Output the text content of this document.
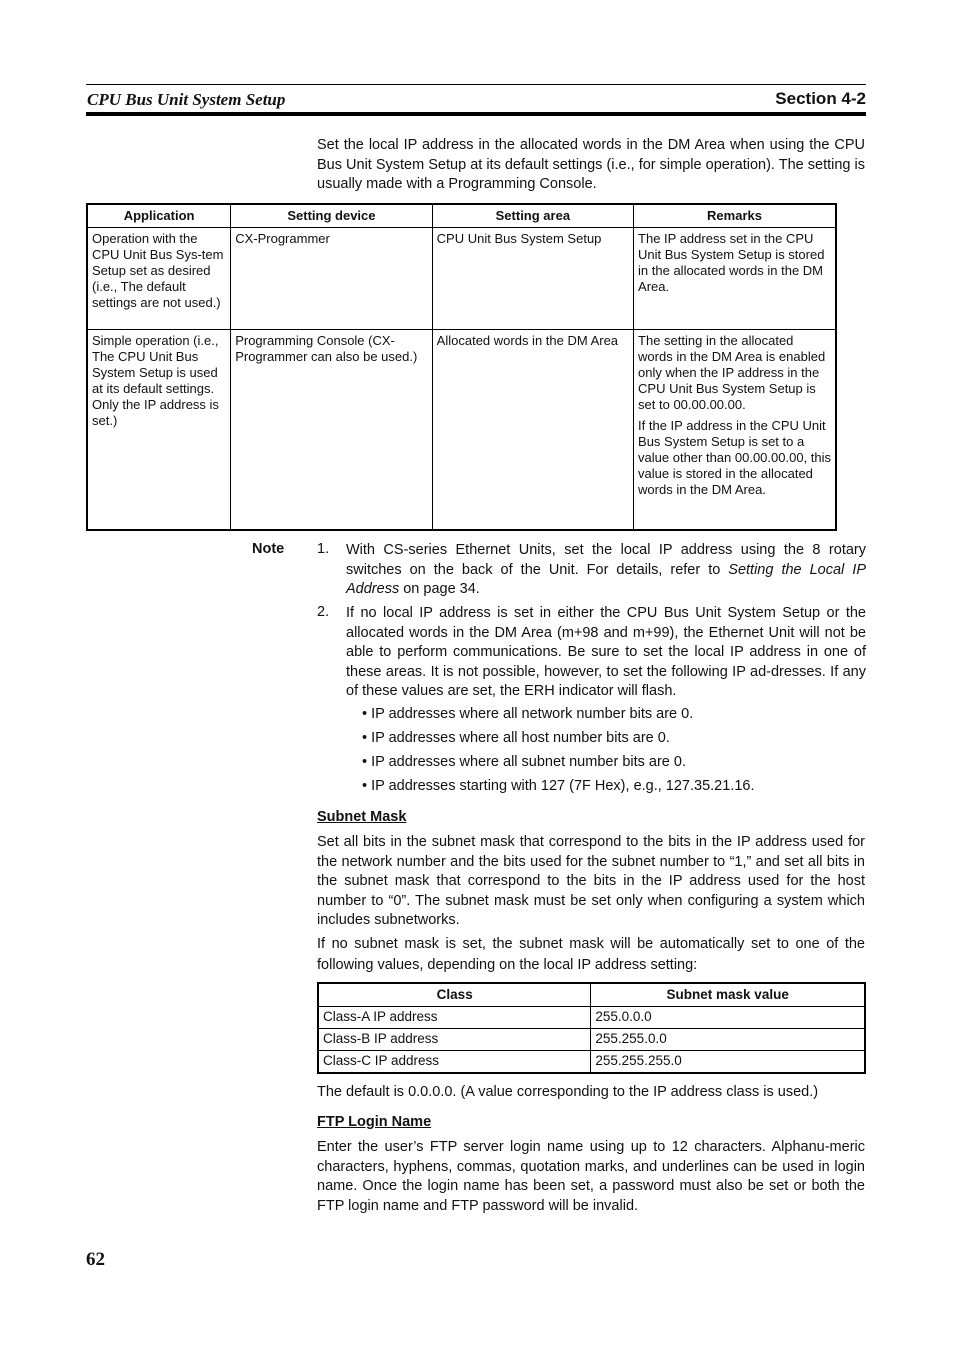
CPU Bus Unit System Setup	Section 4-2

Set the local IP address in the allocated words in the DM Area when using the CPU Bus Unit System Setup at its default settings (i.e., for simple operation). The setting is usually made with a Programming Console.

Application	Setting device	Setting area	Remarks
Operation with the CPU Unit Bus Sys-tem Setup set as desired (i.e., The default settings are not used.)	CX-Programmer	CPU Unit Bus System Setup	The IP address set in the CPU Unit Bus System Setup is stored in the allocated words in the DM Area.
Simple operation (i.e., The CPU Unit Bus System Setup is used at its default settings. Only the IP address is set.)	Programming Console (CX-Programmer can also be used.)	Allocated words in the DM Area	The setting in the allocated words in the DM Area is enabled only when the IP address in the CPU Unit Bus System Setup is set to 00.00.00.00.
If the IP address in the CPU Unit Bus System Setup is set to a value other than 00.00.00.00, this value is stored in the allocated words in the DM Area.
Note 1. With CS-series Ethernet Units, set the local IP address using the 8 rotary switches on the back of the Unit. For details, refer to Setting the Local IP Address on page 34.

2. If no local IP address is set in either the CPU Bus Unit System Setup or the allocated words in the DM Area (m+98 and m+99), the Ethernet Unit will not be able to perform communications. Be sure to set the local IP address in one of these areas. It is not possible, however, to set the following IP ad-dresses. If any of these values are set, the ERH indicator will flash.

• IP addresses where all network number bits are 0.
• IP addresses where all host number bits are 0.
• IP addresses where all subnet number bits are 0.
• IP addresses starting with 127 (7F Hex), e.g., 127.35.21.16.
Subnet Mask

Set all bits in the subnet mask that correspond to the bits in the IP address used for the network number and the bits used for the subnet number to “1,” and set all bits in the subnet mask that correspond to the bits in the IP address used for the host number to “0”. The subnet mask must be set only when configuring a system which includes subnetworks.

If no subnet mask is set, the subnet mask will be automatically set to one of the following values, depending on the local IP address setting:

Class	Subnet mask value
Class-A IP address	255.0.0.0
Class-B IP address	255.255.0.0
Class-C IP address	255.255.255.0

The default is 0.0.0.0. (A value corresponding to the IP address class is used.)

FTP Login Name

Enter the user’s FTP server login name using up to 12 characters. Alphanu-meric characters, hyphens, commas, quotation marks, and underlines can be used in login name. Once the login name has been set, a password must also be set or both the FTP login name and FTP password will be invalid.

62
